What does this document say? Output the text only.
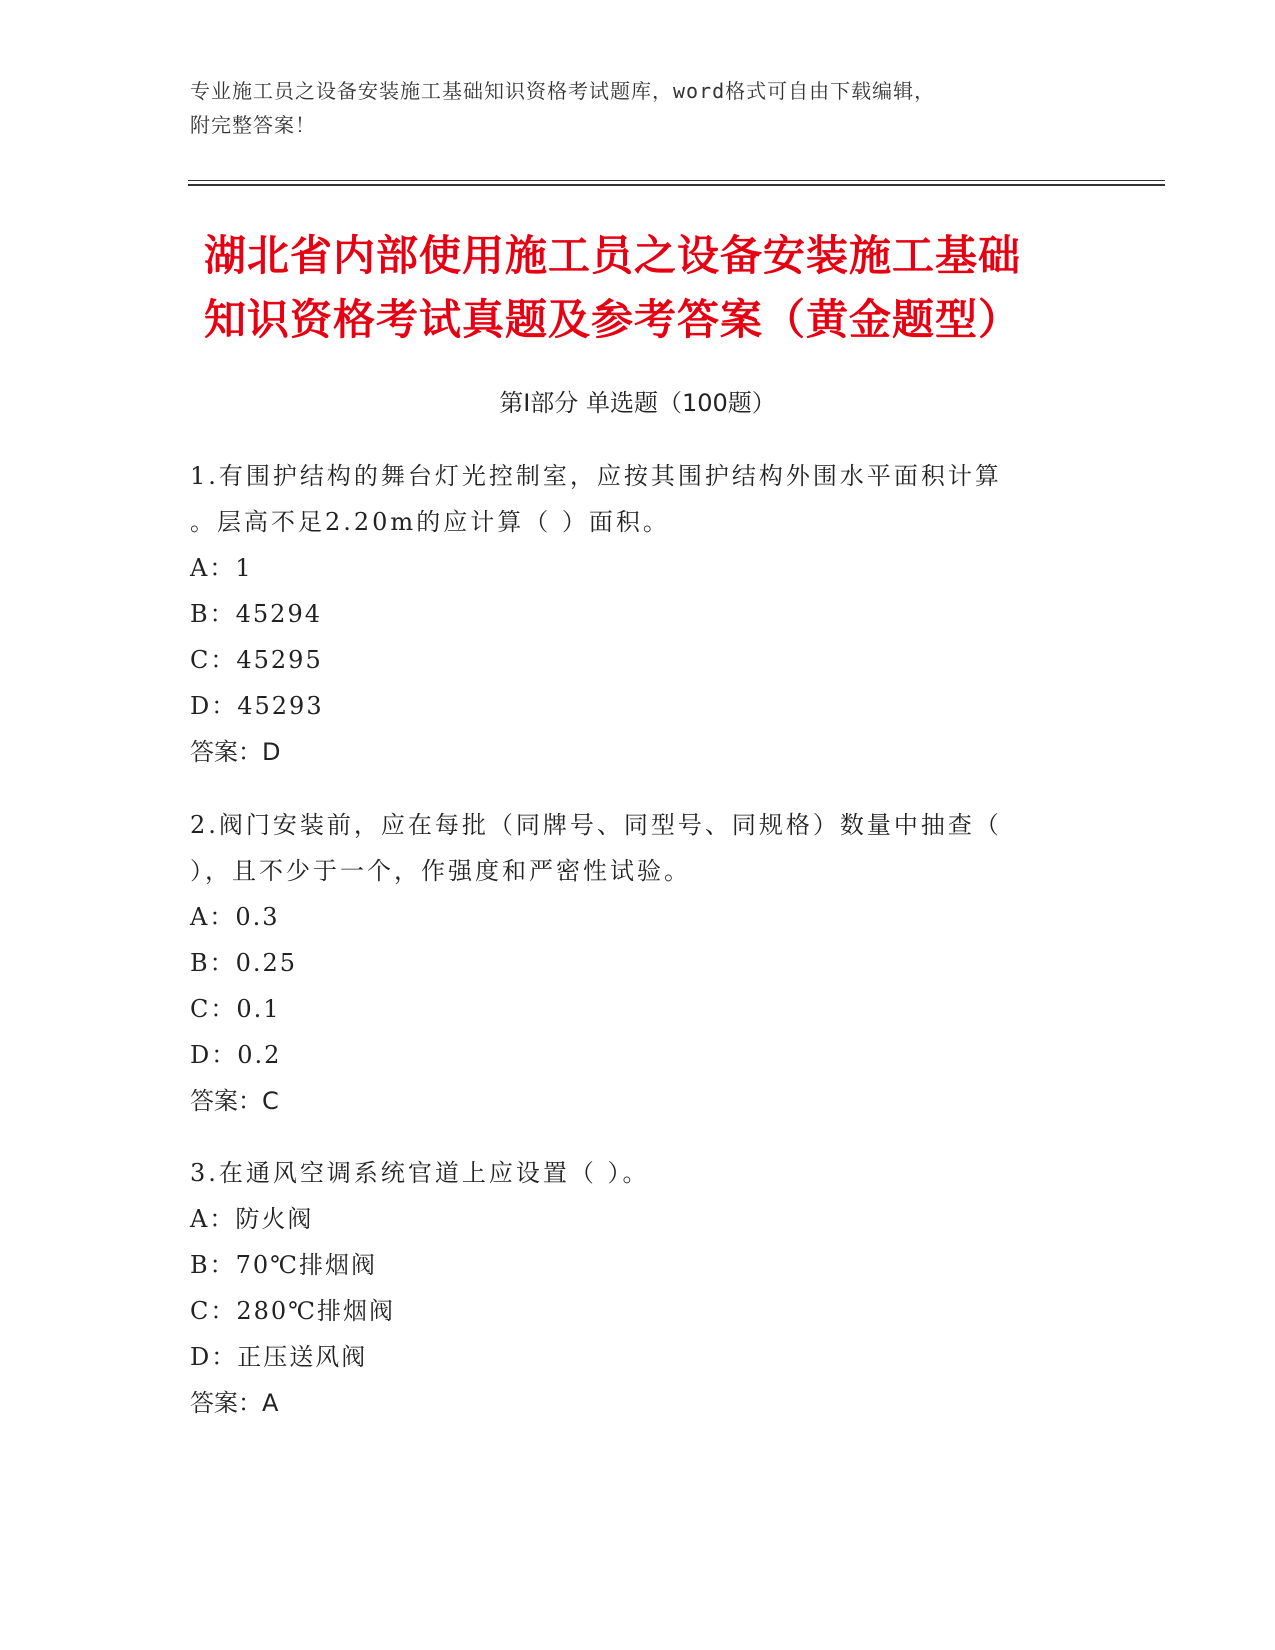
专业施工员之设备安装施工基础知识资格考试题库，word格式可自由下载编辑，
附完整答案！
湖北省内部使用施工员之设备安装施工基础
知识资格考试真题及参考答案（黄金题型）
第Ⅰ部分 单选题（100题）
1.有围护结构的舞台灯光控制室，应按其围护结构外围水平面积计算
。层高不足2.20m的应计算（ ）面积。
A：1
B：45294
C：45295
D：45293
答案：D
2.阀门安装前，应在每批（同牌号、同型号、同规格）数量中抽查（
），且不少于一个，作强度和严密性试验。
A：0.3
B：0.25
C：0.1
D：0.2
答案：C
3.在通风空调系统官道上应设置（ ）。
A：防火阀
B：70℃排烟阀
C：280℃排烟阀
D：正压送风阀
答案：A
